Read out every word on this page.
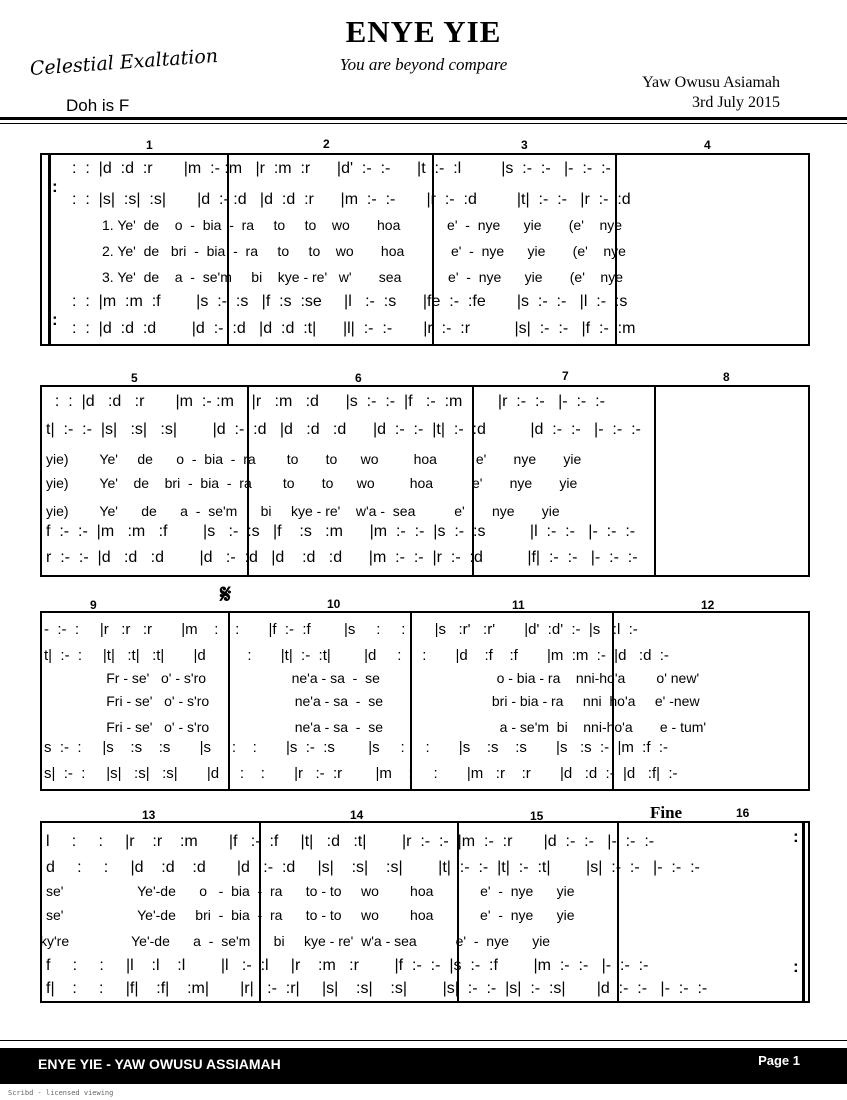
ENYE YIE
You are beyond compare
Celestial Exaltation
Doh is F
Yaw Owusu Asiamah
3rd July 2015
:
:
:  :  |d  :d  :r       |m  :- :m   |r  :m  :r      |d'  :-  :-      |t  :-  :l         |s  :-  :-   |-  :-  :-
:  :  |s|  :s|  :s|       |d  :- :d   |d  :d  :r      |m  :-  :-       |r  :-  :d         |t|  :-  :-   |r  :-  :d
1. Ye'  de    o  -  bia  -  ra     to     to    wo       hoa            e'  -  nye      yie       (e'    nye
2. Ye'  de   bri  -  bia  -  ra     to     to    wo       hoa            e'  -  nye      yie       (e'    nye
3. Ye'  de    a  -  se'm     bi    kye - re'   w'       sea            e'  -  nye      yie       (e'    nye
:  :  |m  :m  :f        |s  :-  :s   |f  :s  :se     |l   :-  :s      |fe  :-  :fe       |s  :-  :-   |l  :-  :s
:  :  |d  :d  :d        |d  :-  :d   |d  :d  :t|      |l|  :-  :-       |r  :-  :r          |s|  :-  :-   |f  :-  :m
1	2	3	4
:  :  |d   :d   :r       |m  :- :m    |r   :m   :d      |s  :-  :-  |f   :-  :m        |r  :-  :-   |-  :-  :-
t|  :-  :-  |s|   :s|   :s|        |d  :-  :d   |d   :d   :d      |d  :-  :-  |t|  :-  :d          |d  :-  :-   |-  :-  :-
yie)        Ye'     de      o  -  bia  -  ra        to       to      wo         hoa          e'       nye       yie
yie)        Ye'    de    bri  -  bia  -  ra        to       to      wo         hoa          e'       nye       yie
yie)        Ye'      de      a  -  se'm      bi     kye - re'    w'a -  sea          e'       nye       yie
f  :-  :-  |m   :m   :f        |s   :-  :s   |f    :s   :m      |m  :-  :-  |s  :-  :s          |l  :-  :-   |-  :-  :-
r  :-  :-  |d   :d   :d        |d   :-  :d   |d    :d   :d      |m  :-  :-  |r  :-  :d          |f|  :-  :-   |-  :-  :-
5	6	7	8
𝄋
-  :-  :     |r   :r   :r       |m    :    :       |f  :-  :f        |s     :     :       |s   :r'   :r'       |d'  :d'  :-  |s   :l  :-
t|  :-  :     |t|   :t|   :t|       |d     :    :       |t|  :-  :t|        |d     :     :       |d    :f    :f       |m  :m  :-  |d   :d  :-
Fr - se'   o' - s'ro                      ne'a - sa  -  se                              o - bia - ra    nni-ho'a        o' new'
Fri - se'   o' - s'ro                      ne'a - sa  -  se                            bri - bia - ra     nni  ho'a     e' -new
Fri - se'   o' - s'ro                      ne'a - sa  -  se                              a - se'm  bi    nni-ho'a       e - tum'
s  :-  :     |s    :s    :s       |s     :    :       |s  :-  :s        |s     :     :       |s    :s    :s       |s   :s  :-  |m  :f  :-
s|  :-  :     |s|   :s|   :s|       |d     :    :       |r   :-  :r        |m    :     :       |m   :r    :r       |d   :d  :-  |d   :f|  :-
9	10	11	12
Fine
:
:
l     :     :     |r    :r    :m       |f   :-  :f     |t|   :d   :t|        |r  :-  :-  |m  :-  :r       |d  :-  :-   |-  :-  :-
d     :     :     |d    :d    :d       |d   :-  :d     |s|    :s|    :s|        |t|  :-  :-  |t|  :-  :t|        |s|  :-  :-   |-  :-  :-
se'                   Ye'-de      o   -  bia  -  ra      to - to     wo        hoa            e'  -  nye      yie
se'                   Ye'-de     bri  -  bia  -  ra      to - to     wo        hoa            e'  -  nye      yie
ky're                Ye'-de      a  -  se'm      bi     kye - re'  w'a - sea          e'  -  nye      yie
f     :     :     |l    :l    :l        |l   :-  :l     |r    :m   :r        |f  :-  :-  |s  :-  :f        |m  :-  :-   |-  :-  :-
f|    :     :     |f|    :f|    :m|       |r|   :-  :r|     |s|    :s|    :s|        |s|  :-  :-  |s|  :-  :s|       |d  :-  :-   |-  :-  :-
13	14	15	16
ENYE YIE - YAW OWUSU ASSIAMAH	Page 1
Scribd - licensed viewing
